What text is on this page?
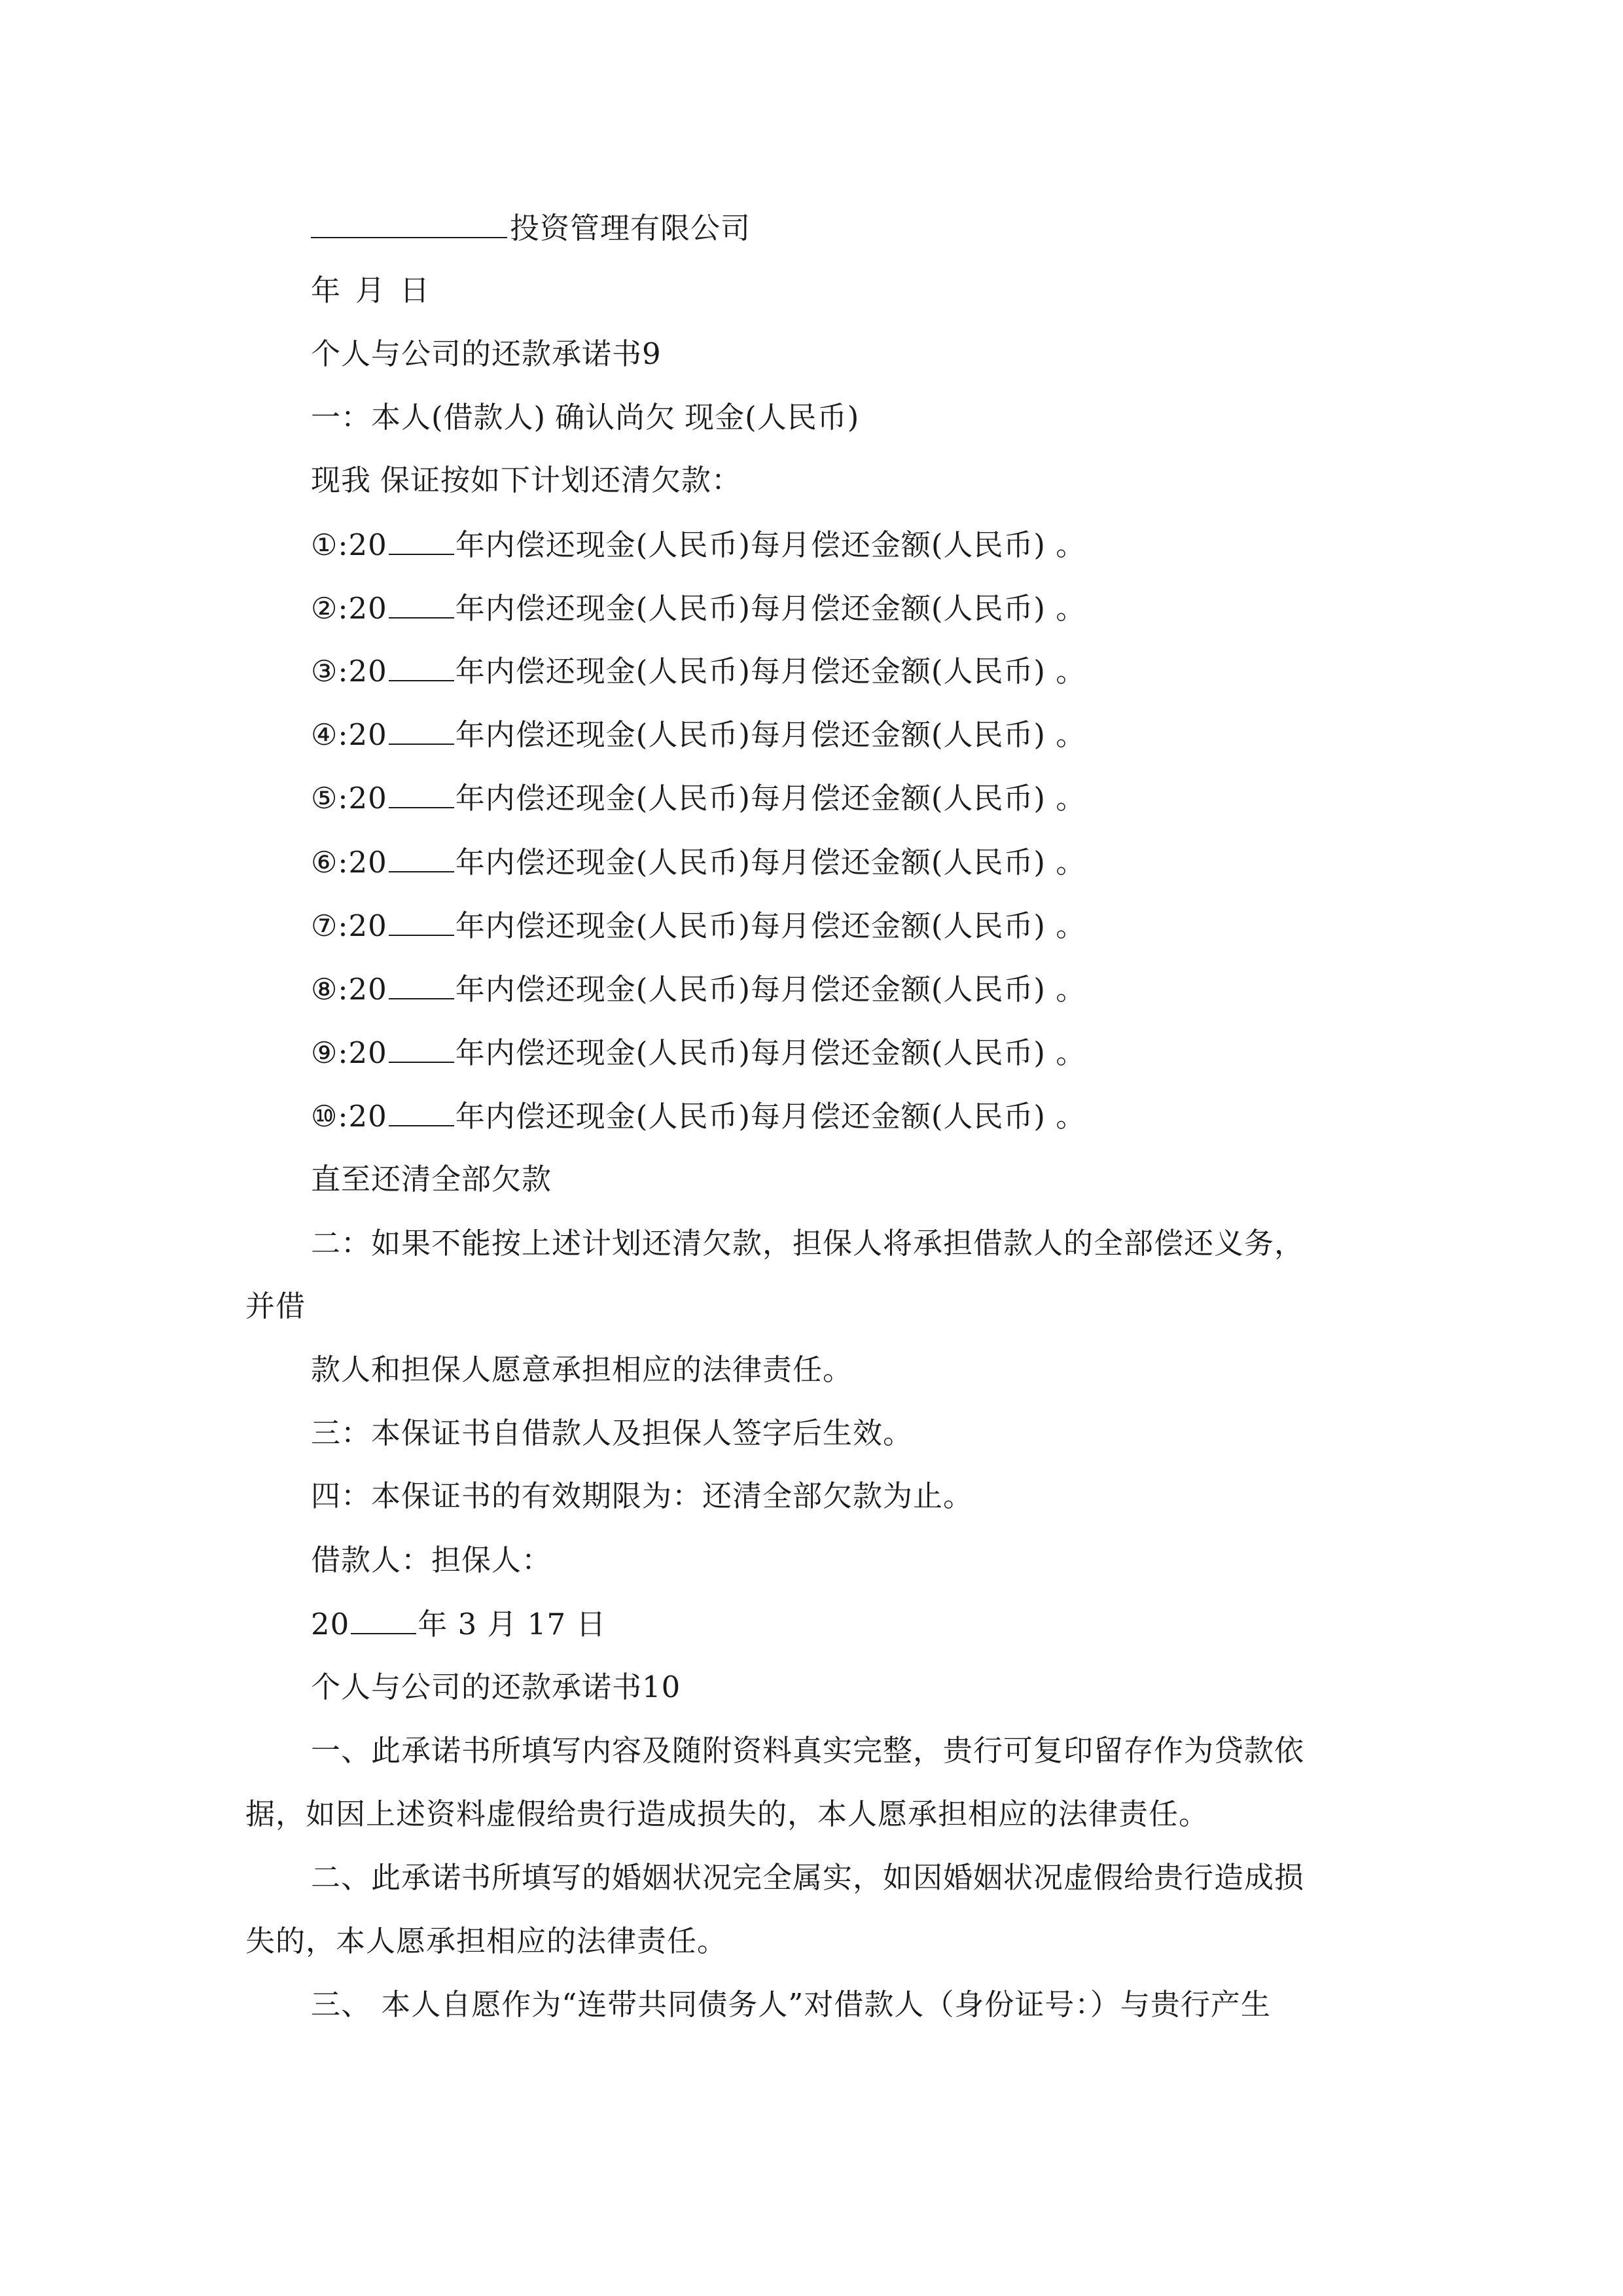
投资管理有限公司
年 月 日
个人与公司的还款承诺书9
一：本人(借款人) 确认尚欠 现金(人民币)
现我 保证按如下计划还清欠款：
①:20 年内偿还现金(人民币)每月偿还金额(人民币) 。
②:20 年内偿还现金(人民币)每月偿还金额(人民币) 。
③:20 年内偿还现金(人民币)每月偿还金额(人民币) 。
④:20 年内偿还现金(人民币)每月偿还金额(人民币) 。
⑤:20 年内偿还现金(人民币)每月偿还金额(人民币) 。
⑥:20 年内偿还现金(人民币)每月偿还金额(人民币) 。
⑦:20 年内偿还现金(人民币)每月偿还金额(人民币) 。
⑧:20 年内偿还现金(人民币)每月偿还金额(人民币) 。
⑨:20 年内偿还现金(人民币)每月偿还金额(人民币) 。
⑩:20 年内偿还现金(人民币)每月偿还金额(人民币) 。
直至还清全部欠款
二：如果不能按上述计划还清欠款，担保人将承担借款人的全部偿还义务，
并借
款人和担保人愿意承担相应的法律责任。
三：本保证书自借款人及担保人签字后生效。
四：本保证书的有效期限为：还清全部欠款为止。
借款人：担保人：
20 年 3 月 17 日
个人与公司的还款承诺书10
一、此承诺书所填写内容及随附资料真实完整，贵行可复印留存作为贷款依
据，如因上述资料虚假给贵行造成损失的，本人愿承担相应的法律责任。
二、此承诺书所填写的婚姻状况完全属实，如因婚姻状况虚假给贵行造成损
失的，本人愿承担相应的法律责任。
三、 本人自愿作为“连带共同债务人”对借款人（身份证号：）与贵行产生
